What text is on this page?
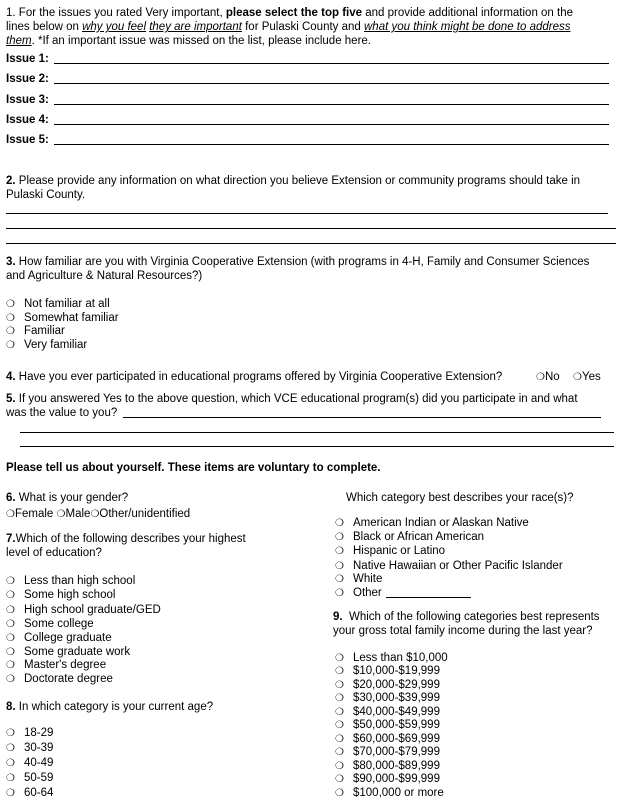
1. For the issues you rated Very important, please select the top five and provide additional information on the
lines below on why you feel they are important for Pulaski County and what you think might be done to address
them. *If an important issue was missed on the list, please include here.
Issue 1:
Issue 2:
Issue 3:
Issue 4:
Issue 5:
2. Please provide any information on what direction you believe Extension or community programs should take in
Pulaski County.
3. How familiar are you with Virginia Cooperative Extension (with programs in 4-H, Family and Consumer Sciences
and Agriculture & Natural Resources?)
❍ Not familiar at all
❍ Somewhat familiar
❍ Familiar
❍ Very familiar
4. Have you ever participated in educational programs offered by Virginia Cooperative Extension?	❍No ❍Yes
5. If you answered Yes to the above question, which VCE educational program(s) did you participate in and what
was the value to you?
Please tell us about yourself. These items are voluntary to complete.
6. What is your gender?
❍Female ❍Male❍Other/unidentified
7.Which of the following describes your highest
level of education?
❍ Less than high school
❍ Some high school
❍ High school graduate/GED
❍ Some college
❍ College graduate
❍ Some graduate work
❍ Master's degree
❍ Doctorate degree
8. In which category is your current age?
❍ 18-29
❍ 30-39
❍ 40-49
❍ 50-59
❍ 60-64
Which category best describes your race(s)?
❍ American Indian or Alaskan Native
❍ Black or African American
❍ Hispanic or Latino
❍ Native Hawaiian or Other Pacific Islander
❍ White
❍ Other
9. Which of the following categories best represents
your gross total family income during the last year?
❍ Less than $10,000
❍ $10,000-$19,999
❍ $20,000-$29,999
❍ $30,000-$39,999
❍ $40,000-$49,999
❍ $50,000-$59,999
❍ $60,000-$69,999
❍ $70,000-$79,999
❍ $80,000-$89,999
❍ $90,000-$99,999
❍ $100,000 or more
